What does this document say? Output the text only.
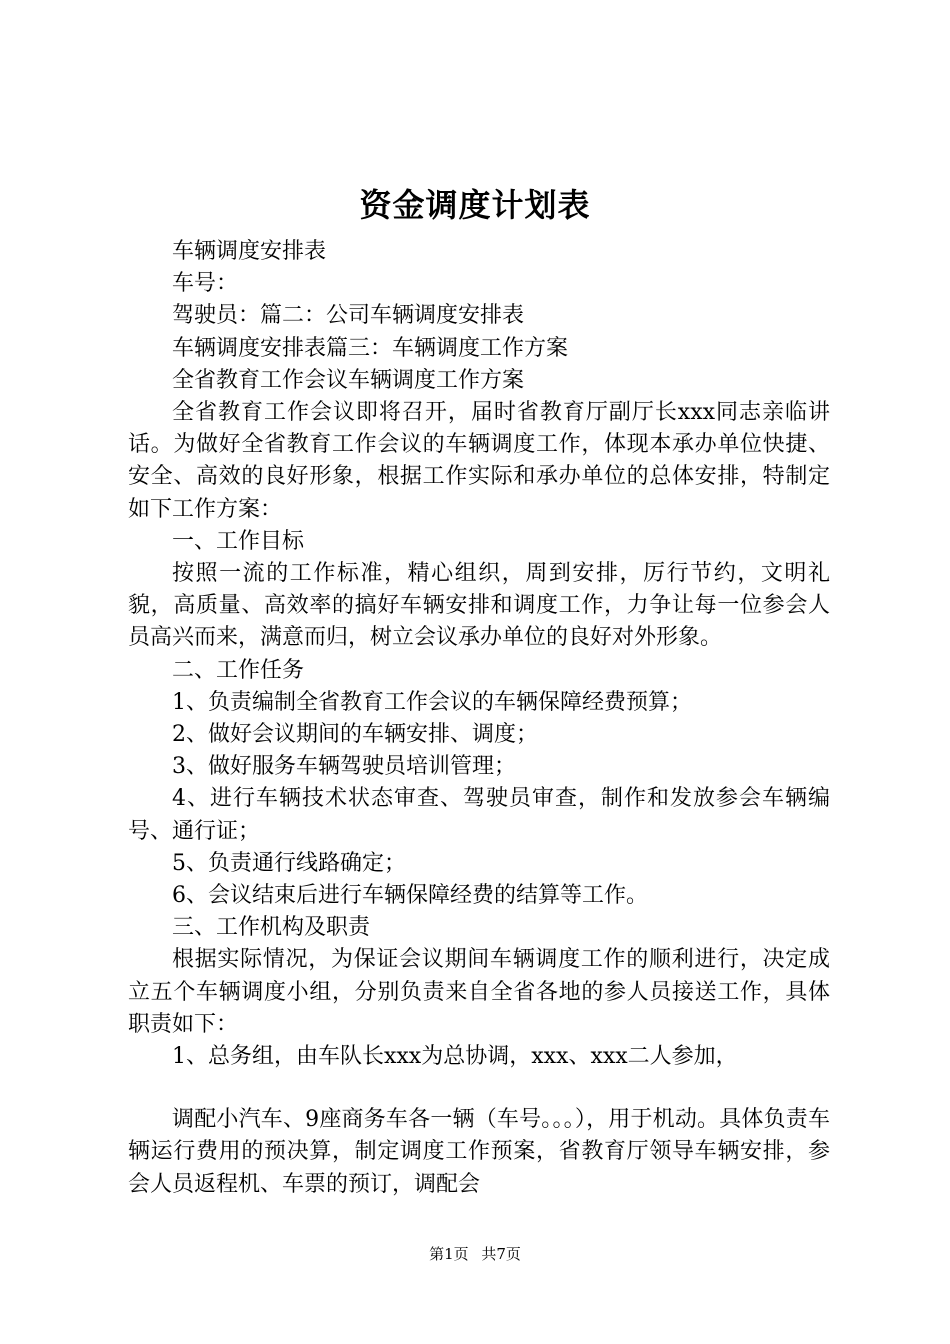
资金调度计划表

车辆调度安排表

车号：

驾驶员：篇二：公司车辆调度安排表

车辆调度安排表篇三：车辆调度工作方案

全省教育工作会议车辆调度工作方案

全省教育工作会议即将召开，届时省教育厅副厅长xxx同志亲临讲话。为做好全省教育工作会议的车辆调度工作，体现本承办单位快捷、安全、高效的良好形象，根据工作实际和承办单位的总体安排，特制定如下工作方案：

一、工作目标

按照一流的工作标准，精心组织，周到安排，厉行节约，文明礼貌，高质量、高效率的搞好车辆安排和调度工作，力争让每一位参会人员高兴而来，满意而归，树立会议承办单位的良好对外形象。

二、工作任务

1、负责编制全省教育工作会议的车辆保障经费预算；

2、做好会议期间的车辆安排、调度；

3、做好服务车辆驾驶员培训管理；

4、进行车辆技术状态审查、驾驶员审查，制作和发放参会车辆编号、通行证；

5、负责通行线路确定；

6、会议结束后进行车辆保障经费的结算等工作。

三、工作机构及职责

根据实际情况，为保证会议期间车辆调度工作的顺利进行，决定成立五个车辆调度小组，分别负责来自全省各地的参人员接送工作，具体职责如下：

1、总务组，由车队长xxx为总协调，xxx、xxx二人参加，

调配小汽车、9座商务车各一辆（车号。。。），用于机动。具体负责车辆运行费用的预决算，制定调度工作预案，省教育厅领导车辆安排，参会人员返程机、车票的预订，调配会

第1页 共7页
